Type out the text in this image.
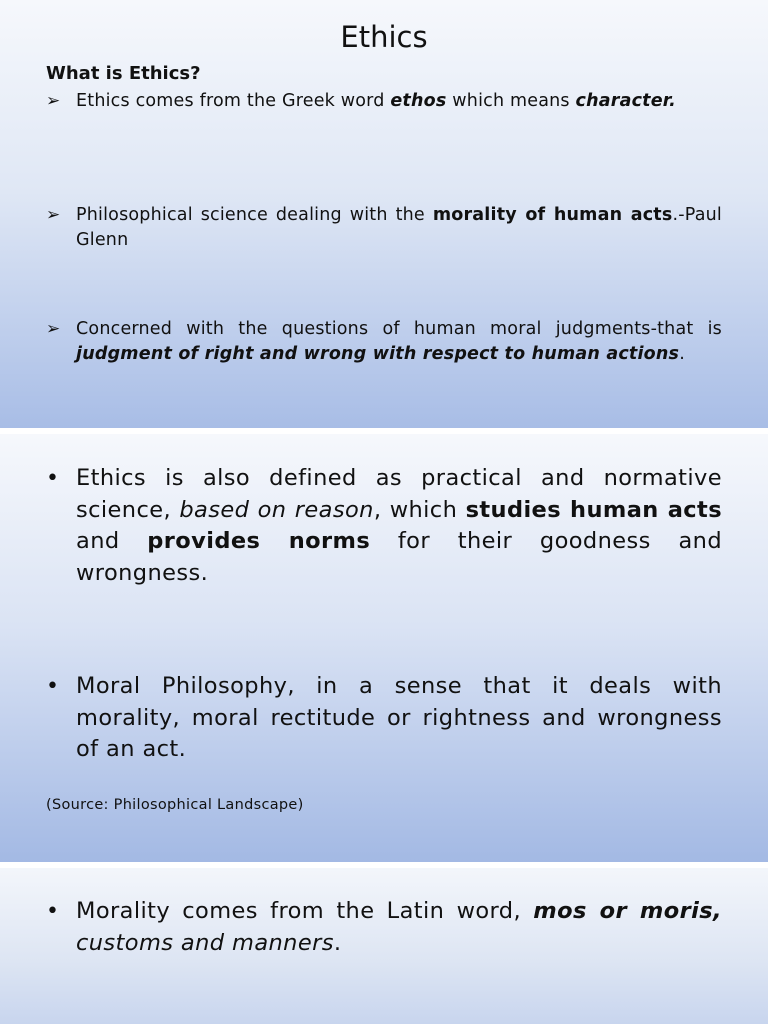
Ethics
What is Ethics?
➢ Ethics comes from the Greek word ethos which means character.
➢ Philosophical science dealing with the morality of human acts.-Paul Glenn
➢ Concerned with the questions of human moral judgments-that is judgment of right and wrong with respect to human actions.
• Ethics is also defined as practical and normative science, based on reason, which studies human acts and provides norms for their goodness and wrongness.
• Moral Philosophy, in a sense that it deals with morality, moral rectitude or rightness and wrongness of an act.
(Source: Philosophical Landscape)
• Morality comes from the Latin word, mos or moris, customs and manners.
